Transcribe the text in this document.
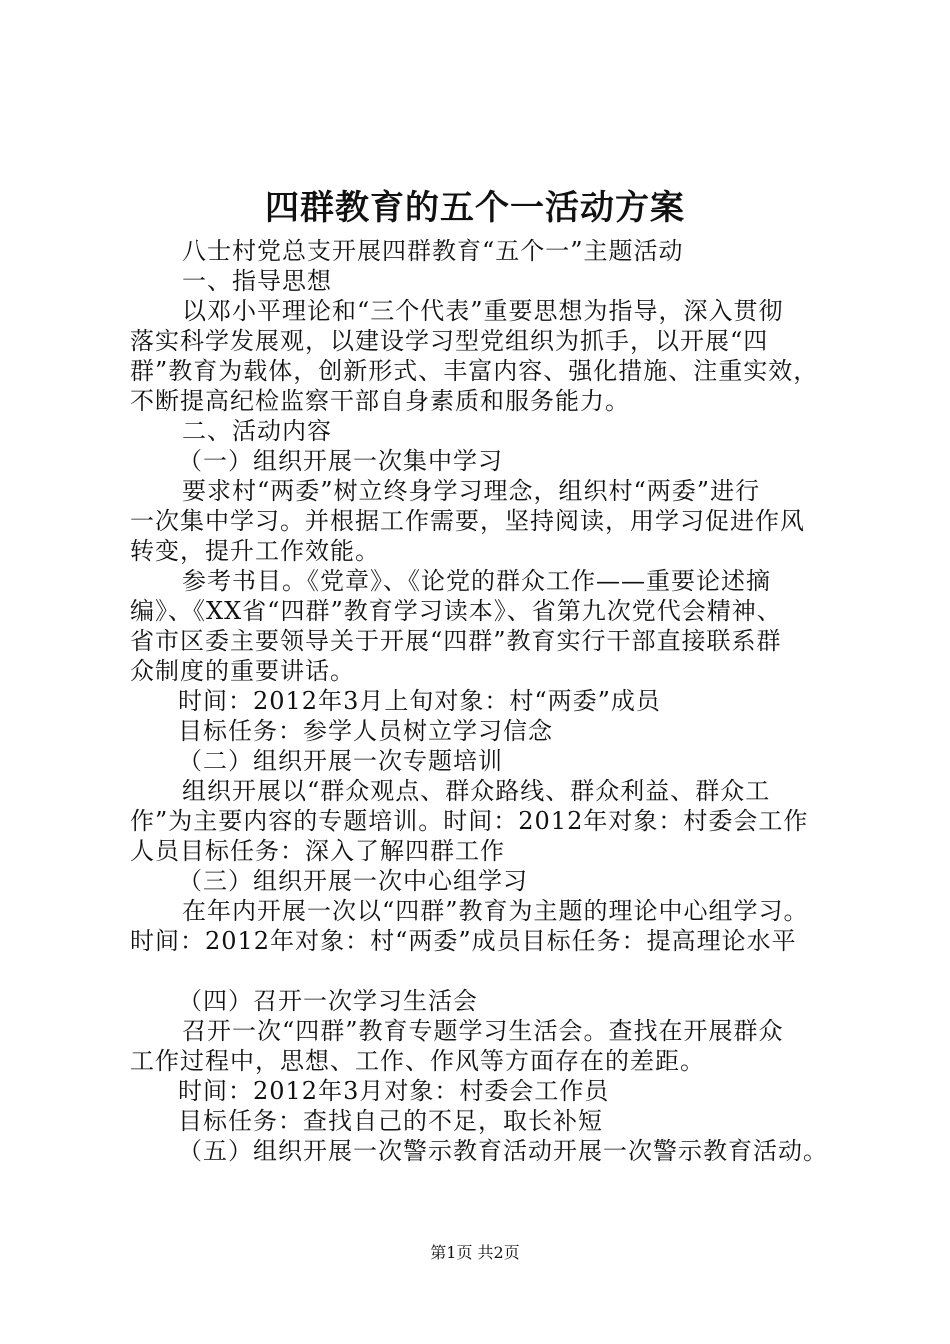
四群教育的五个一活动方案

八士村党总支开展四群教育“五个一”主题活动

一、指导思想

以邓小平理论和“三个代表”重要思想为指导，深入贯彻

落实科学发展观，以建设学习型党组织为抓手，以开展“四

群”教育为载体，创新形式、丰富内容、强化措施、注重实效，

不断提高纪检监察干部自身素质和服务能力。

二、活动内容

（一）组织开展一次集中学习

要求村“两委”树立终身学习理念，组织村“两委”进行

一次集中学习。并根据工作需要，坚持阅读，用学习促进作风

转变，提升工作效能。

参考书目。《党章》、《论党的群众工作——重要论述摘

编》、《XX省“四群”教育学习读本》、省第九次党代会精神、

省市区委主要领导关于开展“四群”教育实行干部直接联系群

众制度的重要讲话。

时间：2012年3月上旬对象：村“两委”成员

目标任务：参学人员树立学习信念

（二）组织开展一次专题培训

组织开展以“群众观点、群众路线、群众利益、群众工

作”为主要内容的专题培训。时间：2012年对象：村委会工作

人员目标任务：深入了解四群工作

（三）组织开展一次中心组学习

在年内开展一次以“四群”教育为主题的理论中心组学习。

时间：2012年对象：村“两委”成员目标任务：提高理论水平

（四）召开一次学习生活会

召开一次“四群”教育专题学习生活会。查找在开展群众

工作过程中，思想、工作、作风等方面存在的差距。

时间：2012年3月对象：村委会工作员

目标任务：查找自己的不足，取长补短

（五）组织开展一次警示教育活动开展一次警示教育活动。

第1页 共2页
